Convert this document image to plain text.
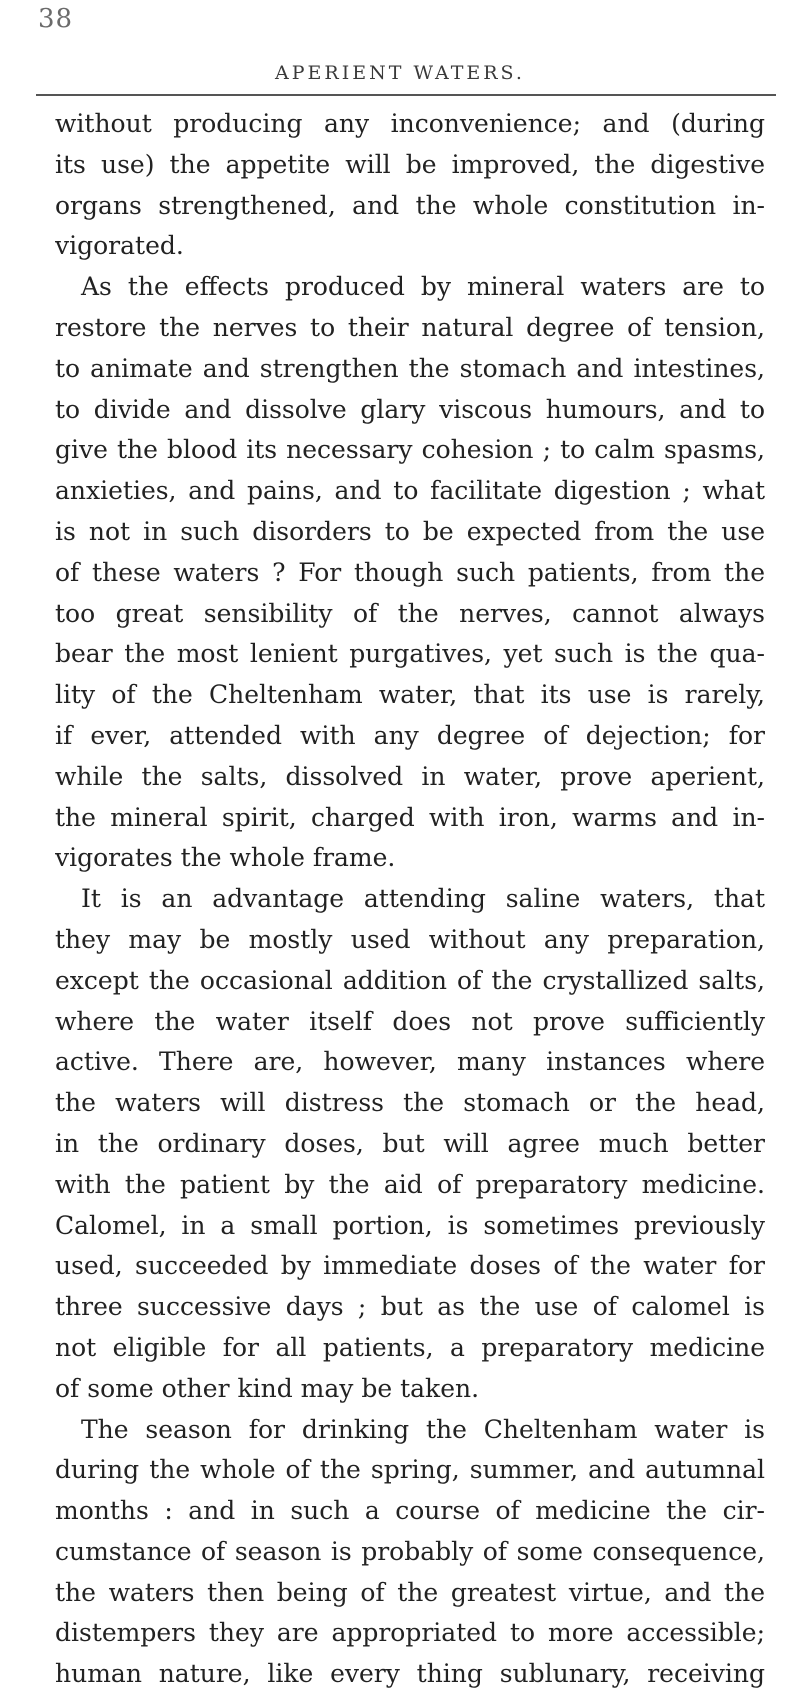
38
APERIENT WATERS.
without producing any inconvenience; and (during
its use) the appetite will be improved, the digestive
organs strengthened, and the whole constitution in-
vigorated.
As the effects produced by mineral waters are to
restore the nerves to their natural degree of tension,
to animate and strengthen the stomach and intestines,
to divide and dissolve glary viscous humours, and to
give the blood its necessary cohesion ; to calm spasms,
anxieties, and pains, and to facilitate digestion ; what
is not in such disorders to be expected from the use
of these waters ? For though such patients, from the
too great sensibility of the nerves, cannot always
bear the most lenient purgatives, yet such is the qua-
lity of the Cheltenham water, that its use is rarely,
if ever, attended with any degree of dejection; for
while the salts, dissolved in water, prove aperient,
the mineral spirit, charged with iron, warms and in-
vigorates the whole frame.
It is an advantage attending saline waters, that
they may be mostly used without any preparation,
except the occasional addition of the crystallized salts,
where the water itself does not prove sufficiently
active. There are, however, many instances where
the waters will distress the stomach or the head,
in the ordinary doses, but will agree much better
with the patient by the aid of preparatory medicine.
Calomel, in a small portion, is sometimes previously
used, succeeded by immediate doses of the water for
three successive days ; but as the use of calomel is
not eligible for all patients, a preparatory medicine
of some other kind may be taken.
The season for drinking the Cheltenham water is
during the whole of the spring, summer, and autumnal
months : and in such a course of medicine the cir-
cumstance of season is probably of some consequence,
the waters then being of the greatest virtue, and the
distempers they are appropriated to more accessible;
human nature, like every thing sublunary, receiving
